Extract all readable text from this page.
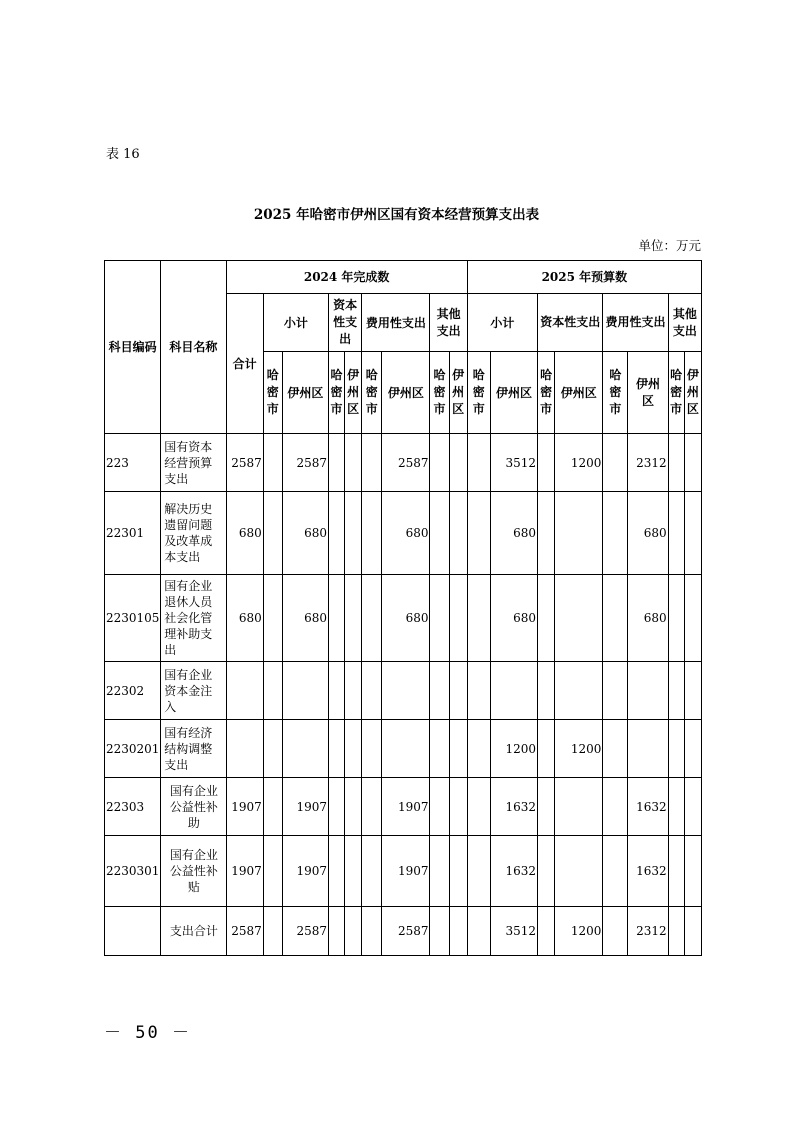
表 16
2025 年哈密市伊州区国有资本经营预算支出表
单位：万元
科目编码	科目名称	2024 年完成数									2025 年预算数							
		合计	小计		资本性支出		费用性支出		其他支出		小计		资本性支出		费用性支出		其他支出	
			哈密市	伊州区	哈密市	伊州区	哈密市	伊州区	哈密市	伊州区	哈密市	伊州区	哈密市	伊州区	哈密市	伊州区	哈密市	伊州区
223	国有资本经营预算支出	2587		2587				2587				3512		1200		2312		
22301	解决历史遗留问题及改革成本支出	680		680				680				680				680		
2230105	国有企业退休人员社会化管理补助支出	680		680				680				680				680		
22302	国有企业资本金注入																	
2230201	国有经济结构调整支出											1200		1200				
22303	国有企业公益性补助	1907		1907				1907				1632				1632		
2230301	国有企业公益性补贴	1907		1907				1907				1632				1632		
	支出合计	2587		2587				2587				3512		1200		2312		
－ 50 －
